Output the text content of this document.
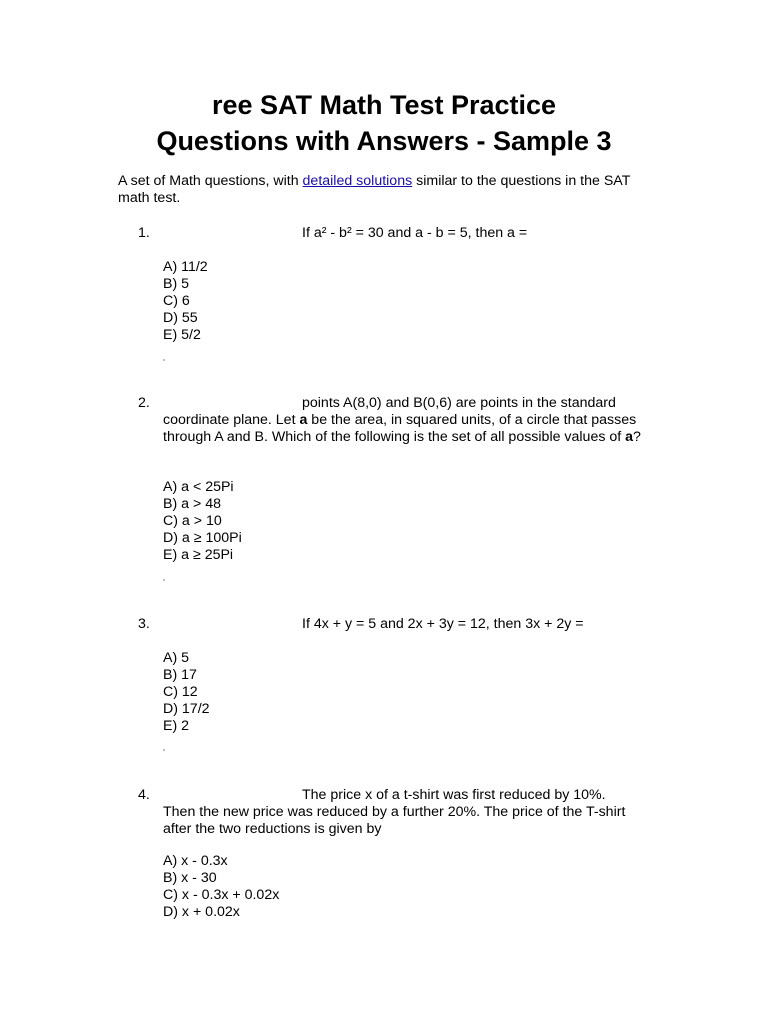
ree SAT Math Test Practice
Questions with Answers - Sample 3
A set of Math questions, with detailed solutions similar to the questions in the SAT math test.
1.	If a² - b² = 30 and a - b = 5, then a =
A) 11/2
B) 5
C) 6
D) 55
E) 5/2
2.	points A(8,0) and B(0,6) are points in the standard
coordinate plane. Let a be the area, in squared units, of a circle that passes through A and B. Which of the following is the set of all possible values of a?
A) a < 25Pi
B) a > 48
C) a > 10
D) a ≥ 100Pi
E) a ≥ 25Pi
3.	If 4x + y = 5 and 2x + 3y = 12, then 3x + 2y =
A) 5
B) 17
C) 12
D) 17/2
E) 2
4.	The price x of a t-shirt was first reduced by 10%.
Then the new price was reduced by a further 20%. The price of the T-shirt after the two reductions is given by
A) x - 0.3x
B) x - 30
C) x - 0.3x + 0.02x
D) x + 0.02x
